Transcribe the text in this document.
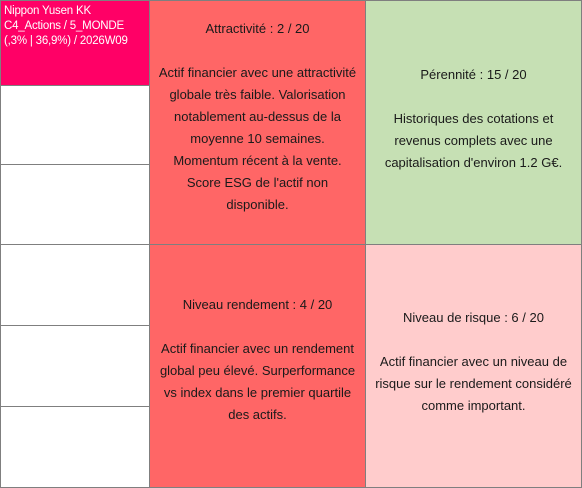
Nippon Yusen KK
C4_Actions / 5_MONDE
(,3% | 36,9%) / 2026W09
Attractivité : 2 / 20
Actif financier avec une attractivité globale très faible. Valorisation notablement au-dessus de la moyenne 10 semaines. Momentum récent à la vente. Score ESG de l'actif non disponible.
Pérennité : 15 / 20
Historiques des cotations et revenus complets avec une capitalisation d'environ 1.2 G€.
Niveau rendement : 4 / 20
Actif financier avec un rendement global peu élevé. Surperformance vs index dans le premier quartile des actifs.
Niveau de risque : 6 / 20
Actif financier avec un niveau de risque sur le rendement considéré comme important.
